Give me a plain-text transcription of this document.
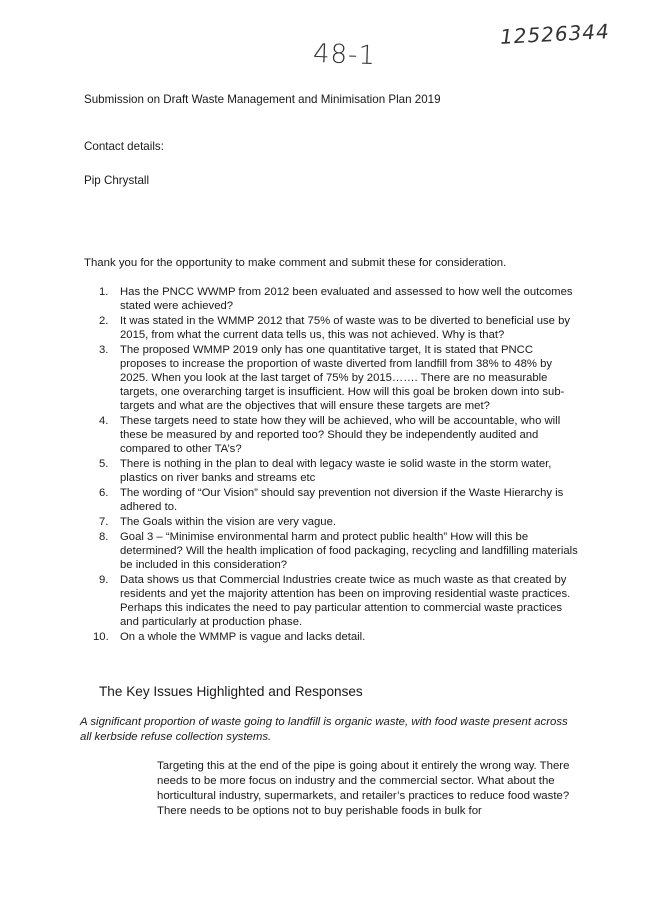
12526344
48-1
Submission on Draft Waste Management and Minimisation Plan 2019
Contact details:
Pip Chrystall
Thank you for the opportunity to make comment and submit these for consideration.
1. Has the PNCC WWMP from 2012 been evaluated and assessed to how well the outcomes stated were achieved?
2. It was stated in the WMMP 2012 that 75% of waste was to be diverted to beneficial use by 2015, from what the current data tells us, this was not achieved. Why is that?
3. The proposed WMMP 2019 only has one quantitative target, It is stated that PNCC proposes to increase the proportion of waste diverted from landfill from 38% to 48% by 2025. When you look at the last target of 75% by 2015……. There are no measurable targets, one overarching target is insufficient. How will this goal be broken down into sub-targets and what are the objectives that will ensure these targets are met?
4. These targets need to state how they will be achieved, who will be accountable, who will these be measured by and reported too? Should they be independently audited and compared to other TA’s?
5. There is nothing in the plan to deal with legacy waste ie solid waste in the storm water, plastics on river banks and streams etc
6. The wording of “Our Vision” should say prevention not diversion if the Waste Hierarchy is adhered to.
7. The Goals within the vision are very vague.
8. Goal 3 – “Minimise environmental harm and protect public health” How will this be determined? Will the health implication of food packaging, recycling and landfilling materials be included in this consideration?
9. Data shows us that Commercial Industries create twice as much waste as that created by residents and yet the majority attention has been on improving residential waste practices. Perhaps this indicates the need to pay particular attention to commercial waste practices and particularly at production phase.
10. On a whole the WMMP is vague and lacks detail.
The Key Issues Highlighted and Responses
A significant proportion of waste going to landfill is organic waste, with food waste present across all kerbside refuse collection systems.
Targeting this at the end of the pipe is going about it entirely the wrong way. There needs to be more focus on industry and the commercial sector. What about the horticultural industry, supermarkets, and retailer’s practices to reduce food waste? There needs to be options not to buy perishable foods in bulk for
